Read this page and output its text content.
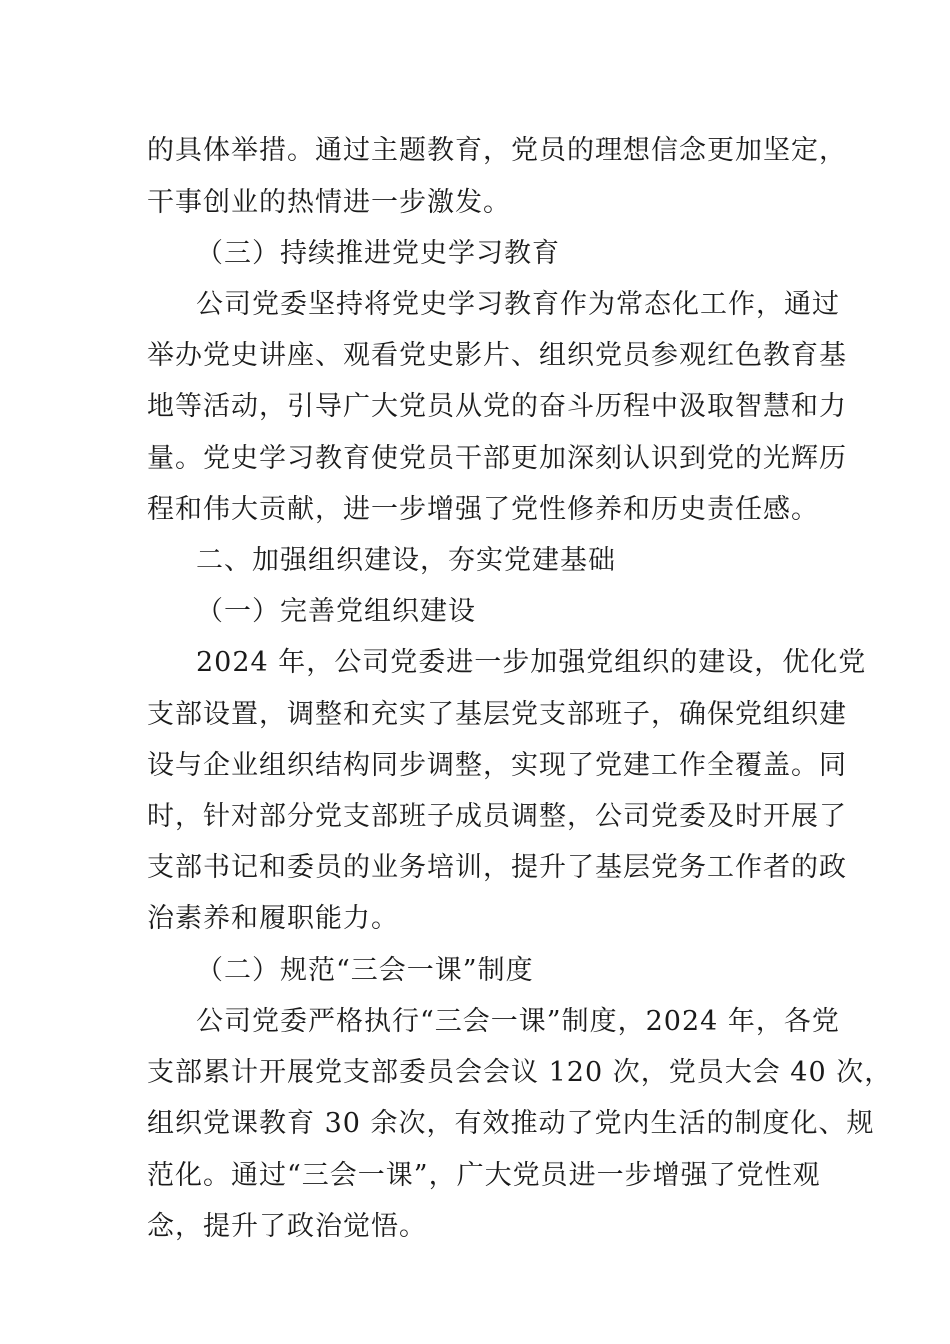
的具体举措。通过主题教育，党员的理想信念更加坚定，
干事创业的热情进一步激发。
（三）持续推进党史学习教育
公司党委坚持将党史学习教育作为常态化工作，通过
举办党史讲座、观看党史影片、组织党员参观红色教育基
地等活动，引导广大党员从党的奋斗历程中汲取智慧和力
量。党史学习教育使党员干部更加深刻认识到党的光辉历
程和伟大贡献，进一步增强了党性修养和历史责任感。
二、加强组织建设，夯实党建基础
（一）完善党组织建设
2024 年，公司党委进一步加强党组织的建设，优化党
支部设置，调整和充实了基层党支部班子，确保党组织建
设与企业组织结构同步调整，实现了党建工作全覆盖。同
时，针对部分党支部班子成员调整，公司党委及时开展了
支部书记和委员的业务培训，提升了基层党务工作者的政
治素养和履职能力。
（二）规范“三会一课”制度
公司党委严格执行“三会一课”制度，2024 年，各党
支部累计开展党支部委员会会议 120 次，党员大会 40 次，
组织党课教育 30 余次，有效推动了党内生活的制度化、规
范化。通过“三会一课”，广大党员进一步增强了党性观
念，提升了政治觉悟。
